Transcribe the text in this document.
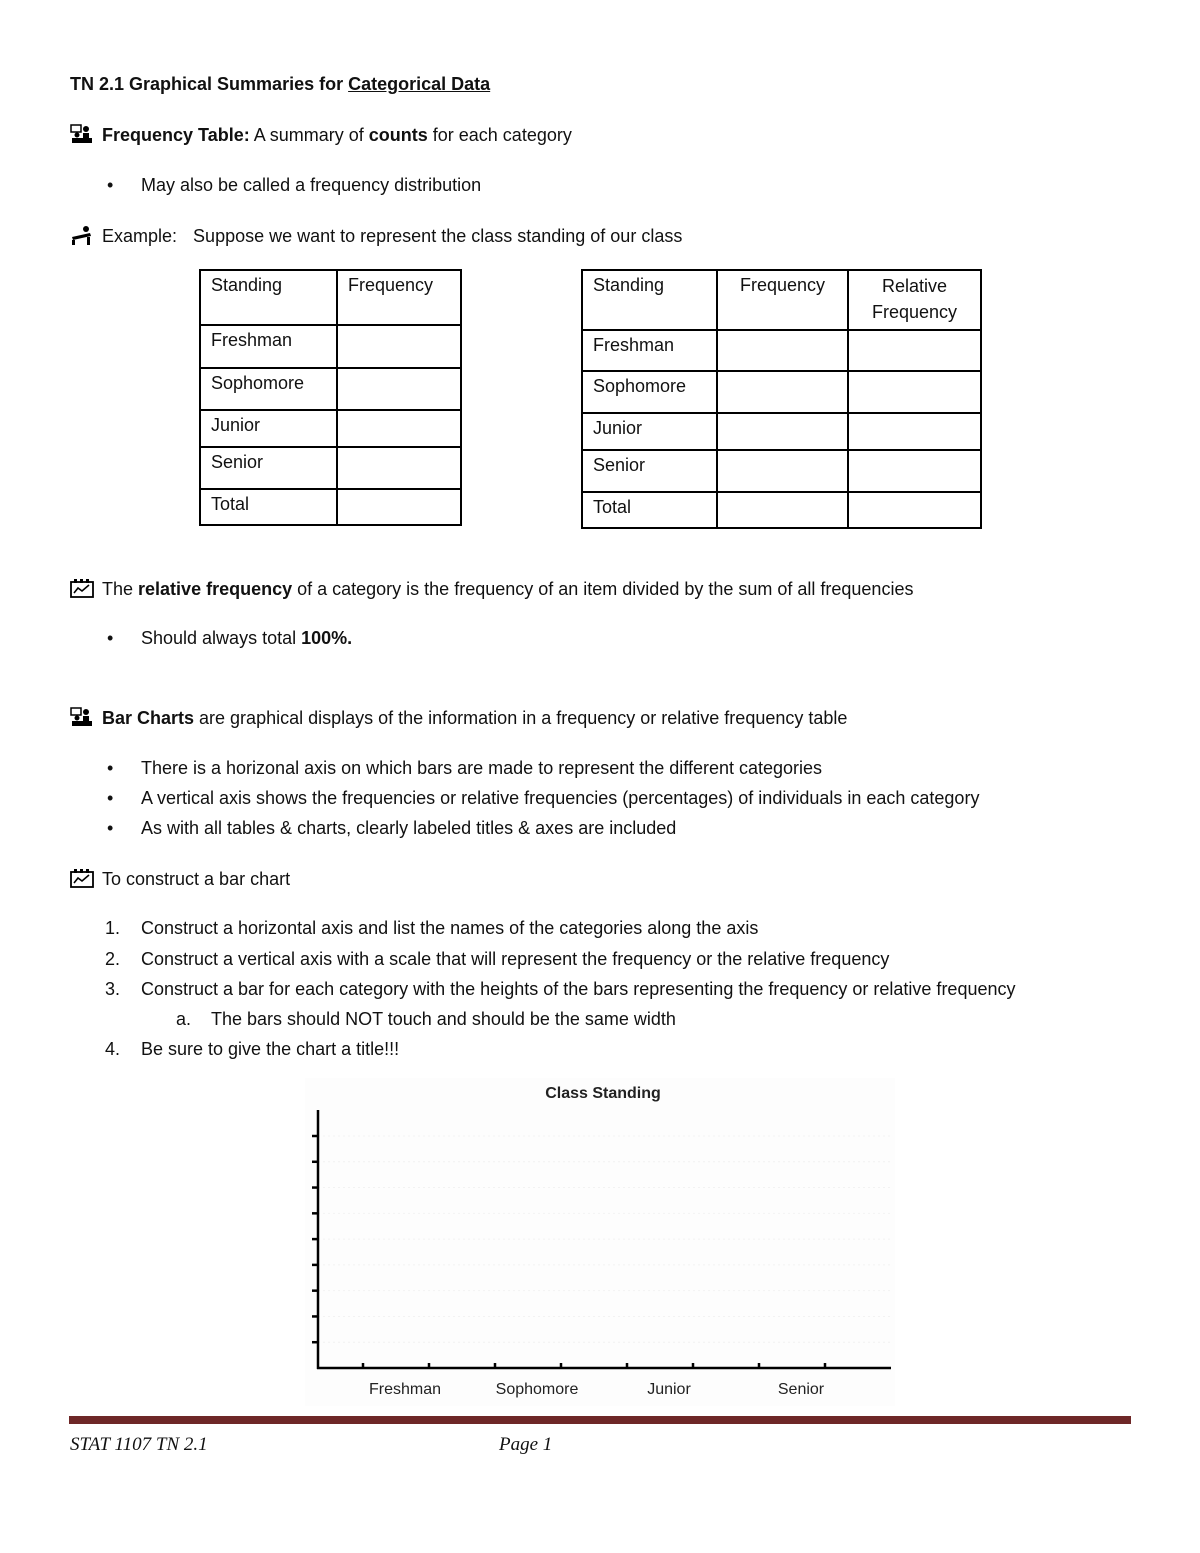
TN 2.1 Graphical Summaries for Categorical Data
Frequency Table: A summary of counts for each category
• May also be called a frequency distribution
Example: Suppose we want to represent the class standing of our class
Standing	Frequency
Freshman	
Sophomore	
Junior	
Senior	
Total	
Standing	Frequency	Relative
Frequency
Freshman		
Sophomore		
Junior		
Senior		
Total		
The relative frequency of a category is the frequency of an item divided by the sum of all frequencies
• Should always total 100%.
Bar Charts are graphical displays of the information in a frequency or relative frequency table
• There is a horizonal axis on which bars are made to represent the different categories
• A vertical axis shows the frequencies or relative frequencies (percentages) of individuals in each category
• As with all tables & charts, clearly labeled titles & axes are included
To construct a bar chart
1. Construct a horizontal axis and list the names of the categories along the axis
2. Construct a vertical axis with a scale that will represent the frequency or the relative frequency
3. Construct a bar for each category with the heights of the bars representing the frequency or relative frequency
a. The bars should NOT touch and should be the same width
4. Be sure to give the chart a title!!!
Class Standing
Freshman	Sophomore	Junior	Senior
STAT 1107 TN 2.1	Page 1
